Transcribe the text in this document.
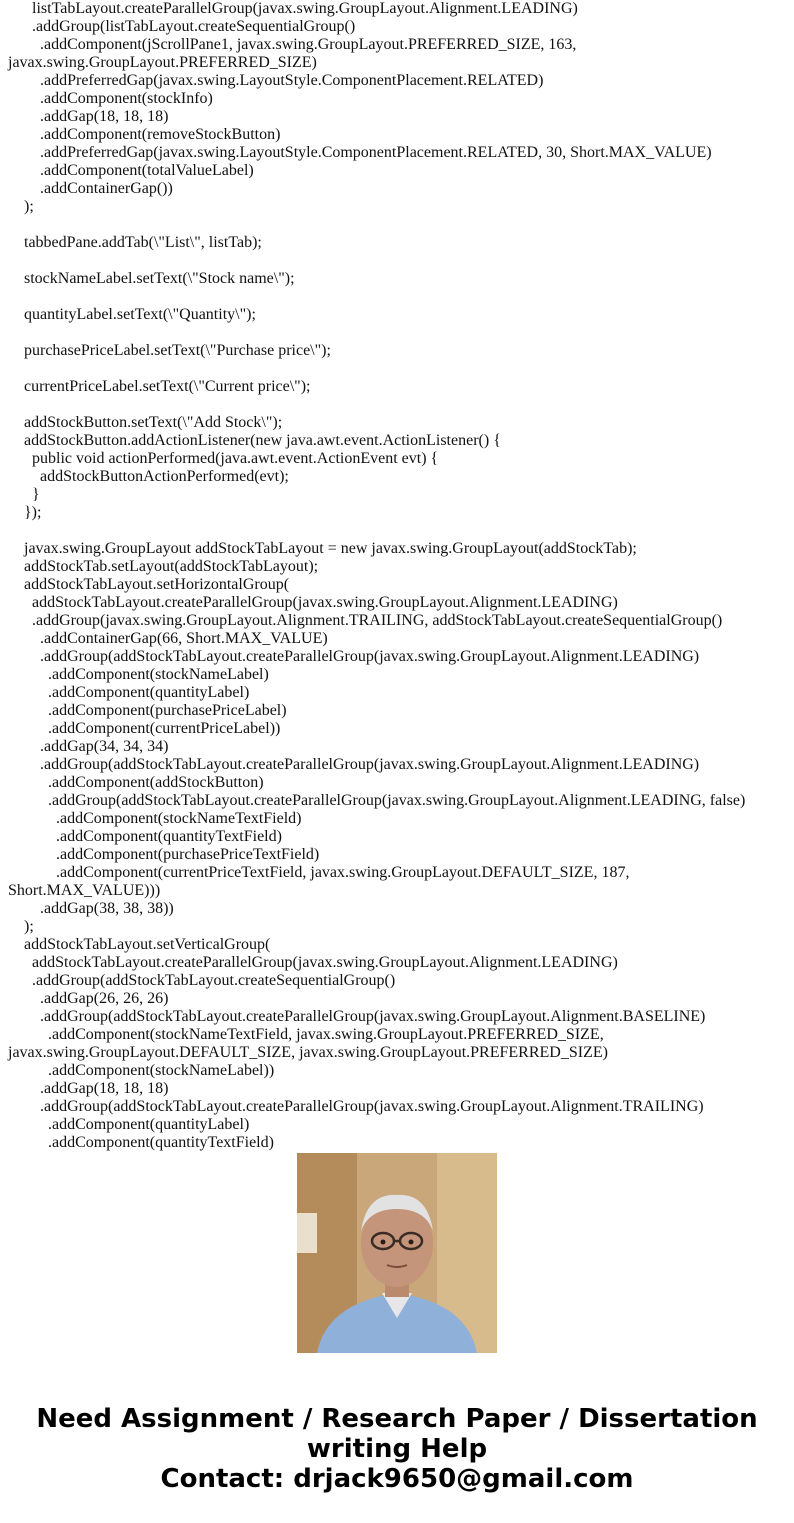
listTabLayout.createParallelGroup(javax.swing.GroupLayout.Alignment.LEADING)
.addGroup(listTabLayout.createSequentialGroup()
.addComponent(jScrollPane1, javax.swing.GroupLayout.PREFERRED_SIZE, 163,
javax.swing.GroupLayout.PREFERRED_SIZE)
.addPreferredGap(javax.swing.LayoutStyle.ComponentPlacement.RELATED)
.addComponent(stockInfo)
.addGap(18, 18, 18)
.addComponent(removeStockButton)
.addPreferredGap(javax.swing.LayoutStyle.ComponentPlacement.RELATED, 30, Short.MAX_VALUE)
.addComponent(totalValueLabel)
.addContainerGap())
);
tabbedPane.addTab(\"List\", listTab);
stockNameLabel.setText(\"Stock name\");
quantityLabel.setText(\"Quantity\");
purchasePriceLabel.setText(\"Purchase price\");
currentPriceLabel.setText(\"Current price\");
addStockButton.setText(\"Add Stock\");
addStockButton.addActionListener(new java.awt.event.ActionListener() {
public void actionPerformed(java.awt.event.ActionEvent evt) {
addStockButtonActionPerformed(evt);
}
});
javax.swing.GroupLayout addStockTabLayout = new javax.swing.GroupLayout(addStockTab);
addStockTab.setLayout(addStockTabLayout);
addStockTabLayout.setHorizontalGroup(
addStockTabLayout.createParallelGroup(javax.swing.GroupLayout.Alignment.LEADING)
.addGroup(javax.swing.GroupLayout.Alignment.TRAILING, addStockTabLayout.createSequentialGroup()
.addContainerGap(66, Short.MAX_VALUE)
.addGroup(addStockTabLayout.createParallelGroup(javax.swing.GroupLayout.Alignment.LEADING)
.addComponent(stockNameLabel)
.addComponent(quantityLabel)
.addComponent(purchasePriceLabel)
.addComponent(currentPriceLabel))
.addGap(34, 34, 34)
.addGroup(addStockTabLayout.createParallelGroup(javax.swing.GroupLayout.Alignment.LEADING)
.addComponent(addStockButton)
.addGroup(addStockTabLayout.createParallelGroup(javax.swing.GroupLayout.Alignment.LEADING, false)
.addComponent(stockNameTextField)
.addComponent(quantityTextField)
.addComponent(purchasePriceTextField)
.addComponent(currentPriceTextField, javax.swing.GroupLayout.DEFAULT_SIZE, 187,
Short.MAX_VALUE)))
.addGap(38, 38, 38))
);
addStockTabLayout.setVerticalGroup(
addStockTabLayout.createParallelGroup(javax.swing.GroupLayout.Alignment.LEADING)
.addGroup(addStockTabLayout.createSequentialGroup()
.addGap(26, 26, 26)
.addGroup(addStockTabLayout.createParallelGroup(javax.swing.GroupLayout.Alignment.BASELINE)
.addComponent(stockNameTextField, javax.swing.GroupLayout.PREFERRED_SIZE,
javax.swing.GroupLayout.DEFAULT_SIZE, javax.swing.GroupLayout.PREFERRED_SIZE)
.addComponent(stockNameLabel))
.addGap(18, 18, 18)
.addGroup(addStockTabLayout.createParallelGroup(javax.swing.GroupLayout.Alignment.TRAILING)
.addComponent(quantityLabel)
.addComponent(quantityTextField)
Need Assignment / Research Paper / Dissertation
writing Help
Contact: drjack9650@gmail.com
